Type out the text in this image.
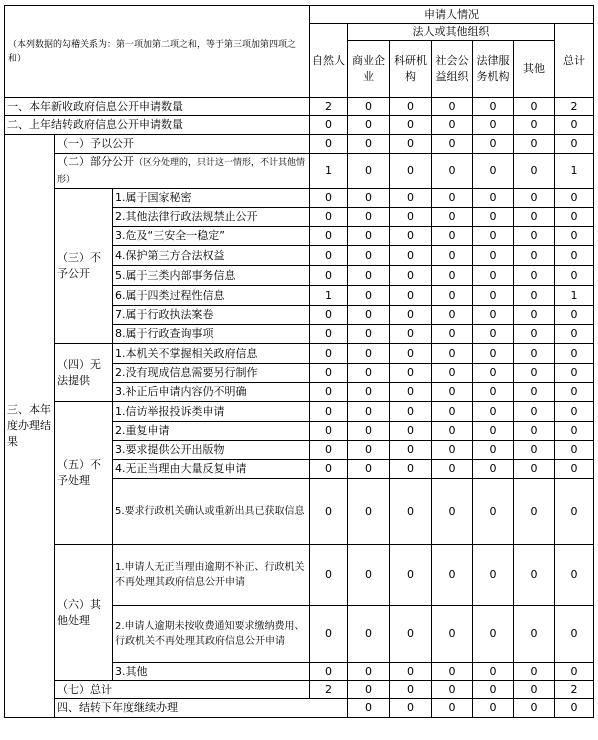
（本列数据的勾稽关系为：第一项加第二项之和，等于第三项加第四项之和）			申请人情况							
			自然人	法人或其他组织					总计	
				商业企业	科研机构	社会公益组织	法律服务机构	其他		
一、本年新收政府信息公开申请数量			2	0	0	0	0	0	2	
二、上年结转政府信息公开申请数量			0	0	0	0	0	0	0	
三、本年度办理结果	（一）予以公开		0	0	0	0	0	0	0	
	（二）部分公开（区分处理的，只计这一情形，不计其他情形）		1	0	0	0	0	0	1	
	（三）不予公开	1.属于国家秘密	0	0	0	0	0	0	0	
		2.其他法律行政法规禁止公开	0	0	0	0	0	0	0	
		3.危及“三安全一稳定”	0	0	0	0	0	0	0	
		4.保护第三方合法权益	0	0	0	0	0	0	0	
		5.属于三类内部事务信息	0	0	0	0	0	0	0	
		6.属于四类过程性信息	1	0	0	0	0	0	1	
		7.属于行政执法案卷	0	0	0	0	0	0	0	
		8.属于行政查询事项	0	0	0	0	0	0	0	
	（四）无法提供	1.本机关不掌握相关政府信息	0	0	0	0	0	0	0	
		2.没有现成信息需要另行制作	0	0	0	0	0	0	0	
		3.补正后申请内容仍不明确	0	0	0	0	0	0	0	
	（五）不予处理	1.信访举报投诉类申请	0	0	0	0	0	0	0	
		2.重复申请	0	0	0	0	0	0	0	
		3.要求提供公开出版物	0	0	0	0	0	0	0	
		4.无正当理由大量反复申请	0	0	0	0	0	0	0	
		5.要求行政机关确认或重新出具已获取信息	0	0	0	0	0	0	0	
	（六）其他处理	1.申请人无正当理由逾期不补正、行政机关不再处理其政府信息公开申请	0	0	0	0	0	0	0	
		2.申请人逾期未按收费通知要求缴纳费用、行政机关不再处理其政府信息公开申请	0	0	0	0	0	0	0	
		3.其他	0	0	0	0	0	0	0	
	（七）总计		2	0	0	0	0	0	2	
	四、结转下年度继续办理			0	0	0	0	0	0	
